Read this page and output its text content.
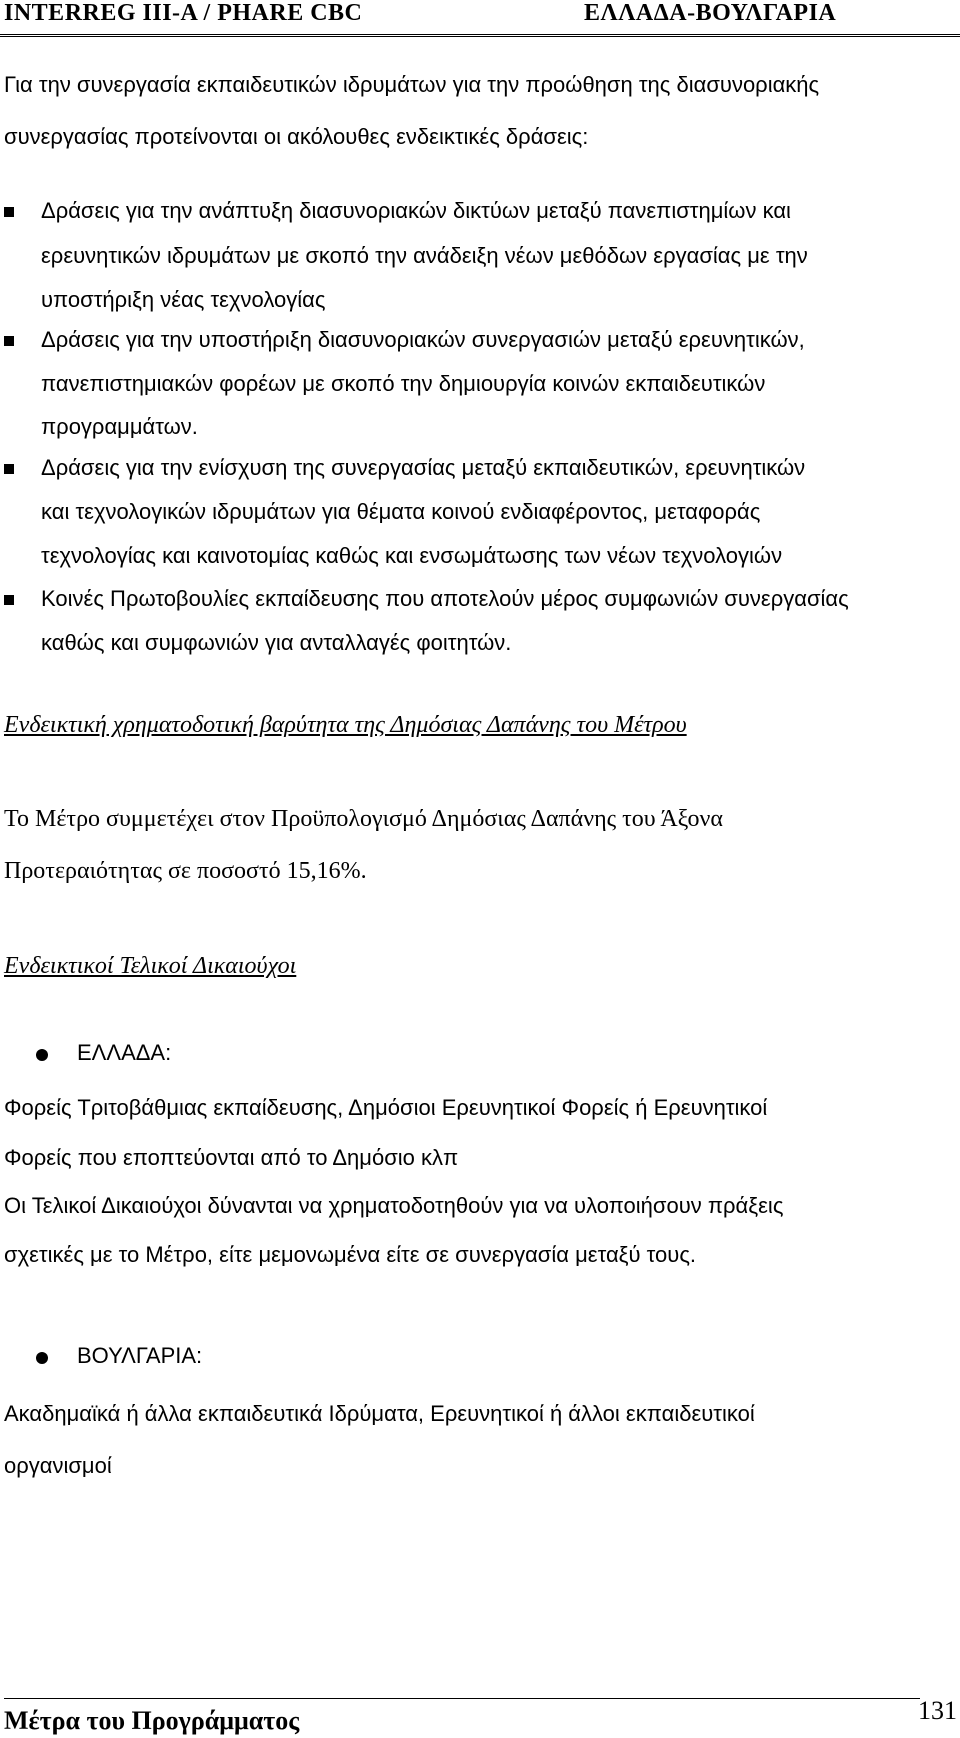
INTERREG III-A / PHARE CBC	ΕΛΛΑΔΑ-ΒΟΥΛΓΑΡΙΑ
Για την συνεργασία εκπαιδευτικών ιδρυμάτων για την προώθηση της διασυνοριακής
συνεργασίας προτείνονται οι ακόλουθες ενδεικτικές δράσεις:
Δράσεις για την ανάπτυξη διασυνοριακών δικτύων μεταξύ πανεπιστημίων και
ερευνητικών ιδρυμάτων με σκοπό την ανάδειξη νέων μεθόδων εργασίας με την
υποστήριξη νέας τεχνολογίας
Δράσεις για την υποστήριξη διασυνοριακών συνεργασιών μεταξύ ερευνητικών,
πανεπιστημιακών φορέων με σκοπό την δημιουργία κοινών εκπαιδευτικών
προγραμμάτων.
Δράσεις για την ενίσχυση της συνεργασίας μεταξύ εκπαιδευτικών, ερευνητικών
και τεχνολογικών ιδρυμάτων για θέματα κοινού ενδιαφέροντος, μεταφοράς
τεχνολογίας και καινοτομίας καθώς και ενσωμάτωσης των νέων τεχνολογιών
Κοινές Πρωτοβουλίες εκπαίδευσης που αποτελούν μέρος συμφωνιών συνεργασίας
καθώς και συμφωνιών για ανταλλαγές φοιτητών.
Ενδεικτική χρηματοδοτική βαρύτητα της Δημόσιας Δαπάνης του Μέτρου
Το Μέτρο συμμετέχει στον Προϋπολογισμό Δημόσιας Δαπάνης του Άξονα
Προτεραιότητας σε ποσοστό 15,16%.
Ενδεικτικοί Τελικοί Δικαιούχοι
ΕΛΛΑΔΑ:
Φορείς Τριτοβάθμιας εκπαίδευσης, Δημόσιοι Ερευνητικοί Φορείς ή Ερευνητικοί
Φορείς που εποπτεύονται από το Δημόσιο κλπ
Οι Τελικοί Δικαιούχοι δύνανται να χρηματοδοτηθούν για να υλοποιήσουν πράξεις
σχετικές με το Μέτρο, είτε μεμονωμένα είτε σε συνεργασία μεταξύ τους.
ΒΟΥΛΓΑΡΙΑ:
Ακαδημαϊκά ή άλλα εκπαιδευτικά Ιδρύματα, Ερευνητικοί ή άλλοι εκπαιδευτικοί
οργανισμοί
Μέτρα του Προγράμματος	131
